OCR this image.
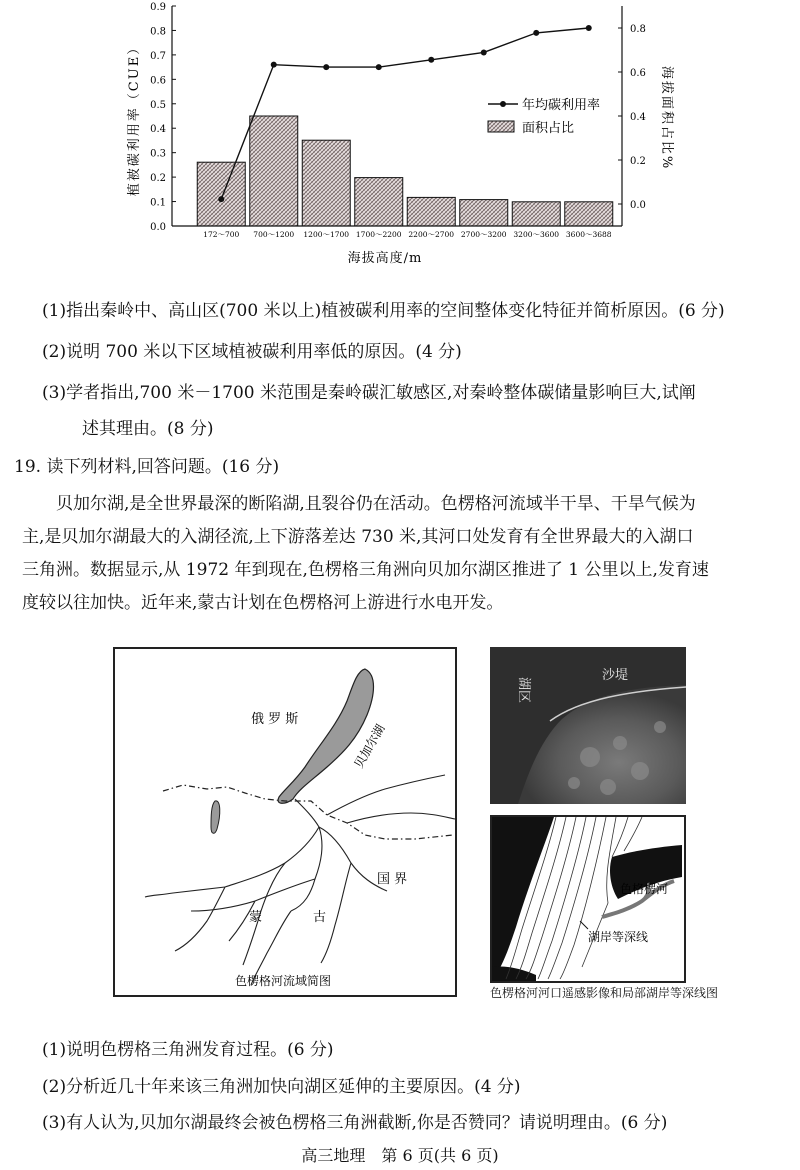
0.0
0.1
0.2
0.3
0.4
0.5
0.6
0.7
0.8
0.9
0.0
0.2
0.4
0.6
0.8
172～700 700～1200 1200～1700 1700～2200 2200～2700 2700～3200 3200～3600 3600～3688
植被碳利用率（CUE）	海拔面积占比%
海拔高度/m
年均碳利用率
面积占比
(1)指出秦岭中、高山区(700 米以上)植被碳利用率的空间整体变化特征并简析原因。(6 分)
(2)说明 700 米以下区域植被碳利用率低的原因。(4 分)
(3)学者指出,700 米－1700 米范围是秦岭碳汇敏感区,对秦岭整体碳储量影响巨大,试阐
述其理由。(8 分)
19. 读下列材料,回答问题。(16 分)
贝加尔湖,是全世界最深的断陷湖,且裂谷仍在活动。色楞格河流域半干旱、干旱气候为
主,是贝加尔湖最大的入湖径流,上下游落差达 730 米,其河口处发育有全世界最大的入湖口
三角洲。数据显示,从 1972 年到现在,色楞格三角洲向贝加尔湖区推进了 1 公里以上,发育速
度较以往加快。近年来,蒙古计划在色楞格河上游进行水电开发。
俄 罗 斯
贝加尔湖
国 界
蒙	古
色楞格河流域简图
湖区
沙堤
色格楞河
湖岸等深线
色楞格河河口遥感影像和局部湖岸等深线图
(1)说明色楞格三角洲发育过程。(6 分)
(2)分析近几十年来该三角洲加快向湖区延伸的主要原因。(4 分)
(3)有人认为,贝加尔湖最终会被色楞格三角洲截断,你是否赞同？请说明理由。(6 分)
高三地理　第 6 页(共 6 页)
